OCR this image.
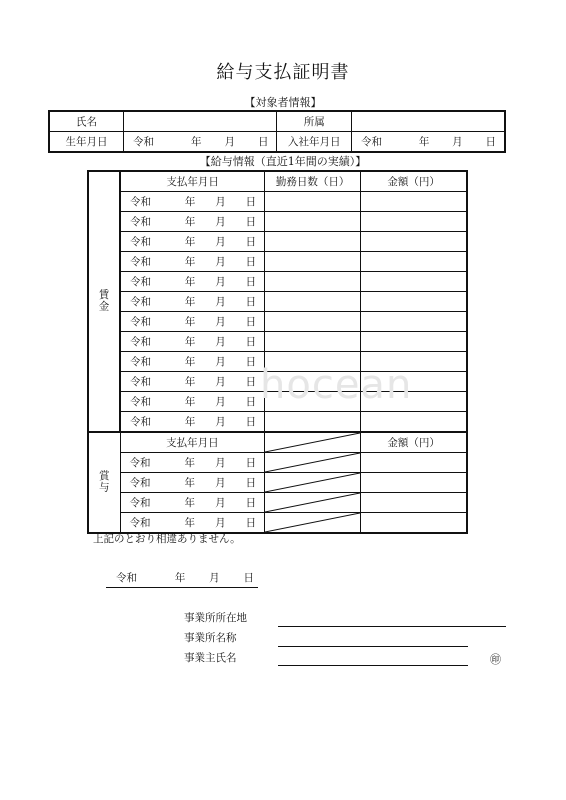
給与支払証明書
【対象者情報】
氏名		所属	
生年月日	令和 年 月 日	入社年月日	令和 年 月 日
【給与情報（直近1年間の実績）】
賃金	支払年月日	勤務日数（日）	金額（円）

	令和 年 月 日		

	令和 年 月 日		

	令和 年 月 日		

	令和 年 月 日		

	令和 年 月 日		

	令和 年 月 日		

	令和 年 月 日		

	令和 年 月 日		

	令和 年 月 日		

	令和 年 月 日		

	令和 年 月 日		

	令和 年 月 日		

賞与	支払年月日		金額（円）

	令和 年 月 日

	令和 年 月 日

	令和 年 月 日

	令和 年 月 日

hocean
上記のとおり相違ありません。
令和	年 月 日
事業所所在地
事業所名称
事業主氏名	㊞
